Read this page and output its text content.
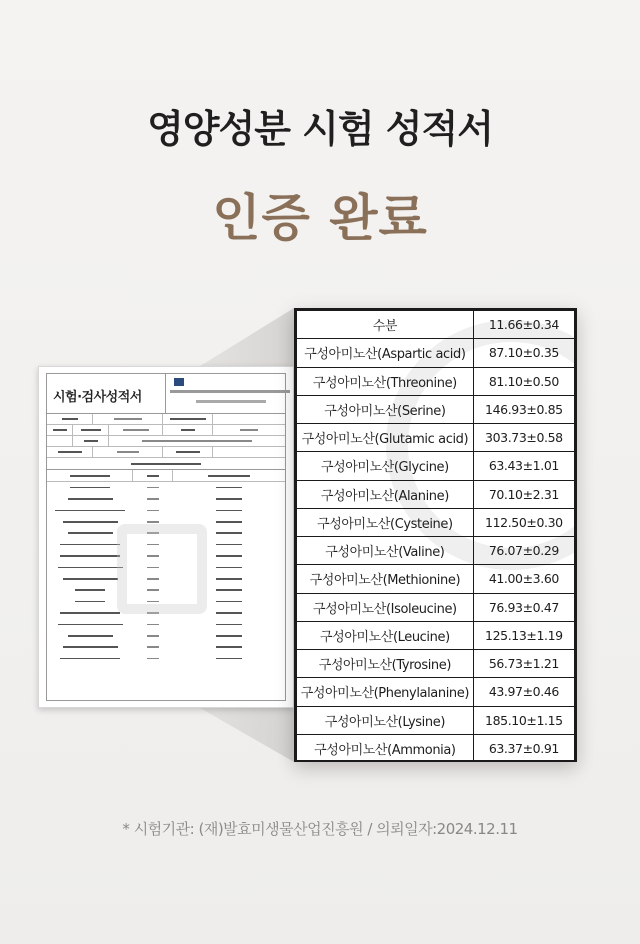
영양성분 시험 성적서
인증 완료
시험·검사성적서
수분	11.66±0.34
구성아미노산(Aspartic acid)	87.10±0.35
구성아미노산(Threonine)	81.10±0.50
구성아미노산(Serine)	146.93±0.85
구성아미노산(Glutamic acid)	303.73±0.58
구성아미노산(Glycine)	63.43±1.01
구성아미노산(Alanine)	70.10±2.31
구성아미노산(Cysteine)	112.50±0.30
구성아미노산(Valine)	76.07±0.29
구성아미노산(Methionine)	41.00±3.60
구성아미노산(Isoleucine)	76.93±0.47
구성아미노산(Leucine)	125.13±1.19
구성아미노산(Tyrosine)	56.73±1.21
구성아미노산(Phenylalanine)	43.97±0.46
구성아미노산(Lysine)	185.10±1.15
구성아미노산(Ammonia)	63.37±0.91
* 시험기관: (재)발효미생물산업진흥원 / 의뢰일자:2024.12.11
